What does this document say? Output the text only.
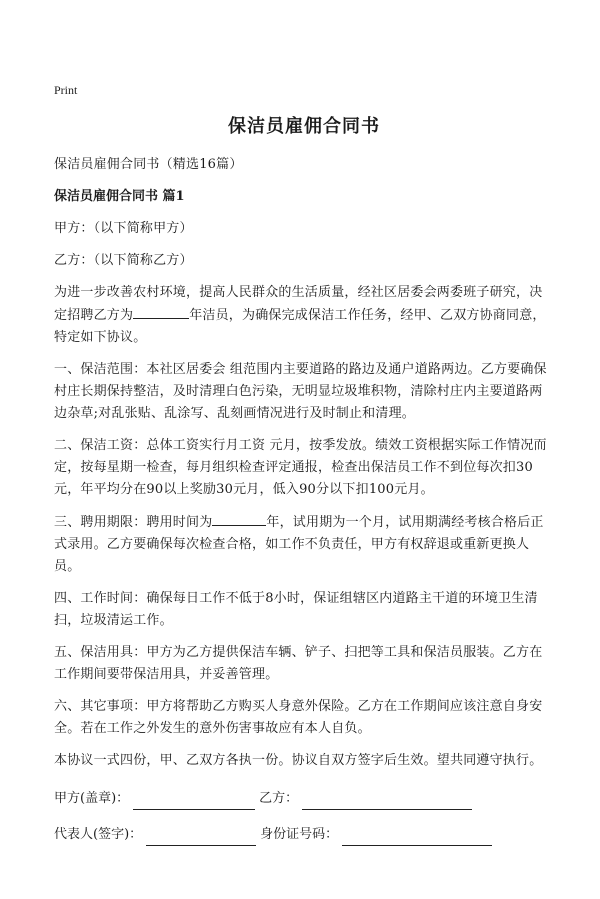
Print
保洁员雇佣合同书
保洁员雇佣合同书（精选16篇）
保洁员雇佣合同书 篇1
甲方：（以下简称甲方）
乙方：（以下简称乙方）
为进一步改善农村环境，提高人民群众的生活质量，经社区居委会两委班子研究，决定招聘乙方为	年洁员，为确保完成保洁工作任务，经甲、乙双方协商同意，特定如下协议。
一、保洁范围：本社区居委会 组范围内主要道路的路边及通户道路两边。乙方要确保村庄长期保持整洁，及时清理白色污染，无明显垃圾堆积物，清除村庄内主要道路两边杂草;对乱张贴、乱涂写、乱刻画情况进行及时制止和清理。
二、保洁工资：总体工资实行月工资 元月，按季发放。绩效工资根据实际工作情况而定，按每星期一检查，每月组织检查评定通报，检查出保洁员工作不到位每次扣30元，年平均分在90以上奖励30元月，低入90分以下扣100元月。
三、聘用期限：聘用时间为	年，试用期为一个月，试用期满经考核合格后正式录用。乙方要确保每次检查合格，如工作不负责任，甲方有权辞退或重新更换人员。
四、工作时间：确保每日工作不低于8小时，保证组辖区内道路主干道的环境卫生清扫，垃圾清运工作。
五、保洁用具：甲方为乙方提供保洁车辆、铲子、扫把等工具和保洁员服装。乙方在工作期间要带保洁用具，并妥善管理。
六、其它事项：甲方将帮助乙方购买人身意外保险。乙方在工作期间应该注意自身安全。若在工作之外发生的意外伤害事故应有本人自负。
本协议一式四份，甲、乙双方各执一份。协议自双方签字后生效。望共同遵守执行。
甲方(盖章)：	乙方：
代表人(签字)：	身份证号码：
